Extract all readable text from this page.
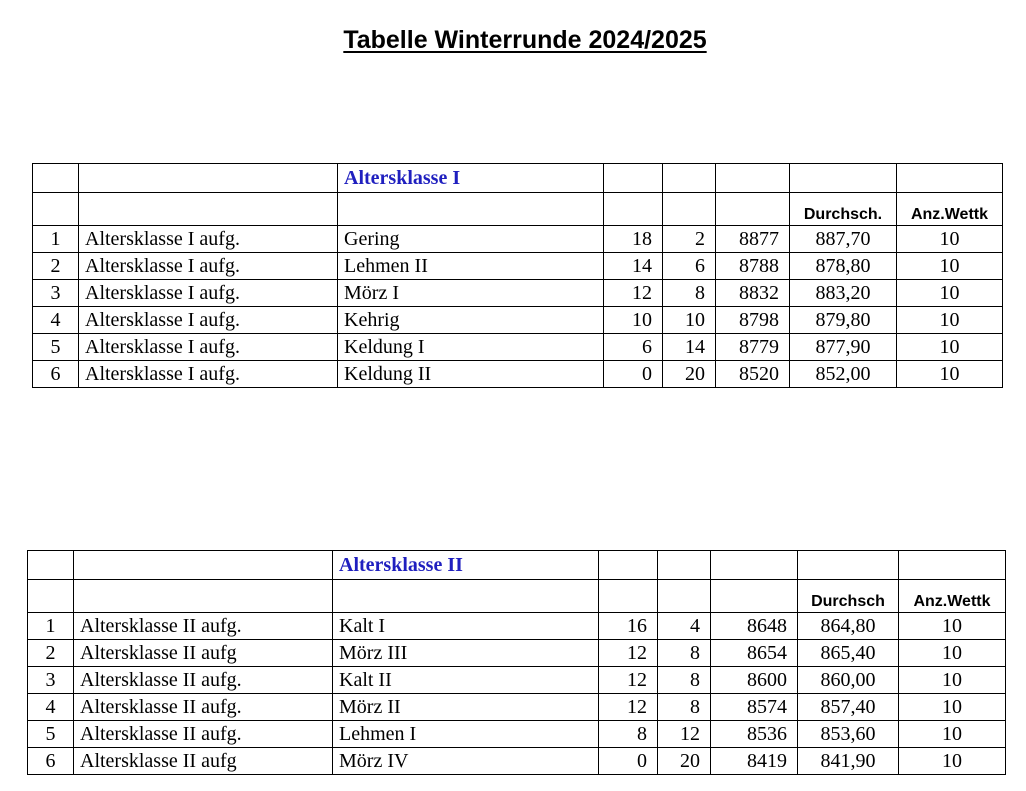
Tabelle Winterrunde 2024/2025
		Altersklasse I					
						Durchsch.	Anz.Wettk
1	Altersklasse I aufg.	Gering	18	2	8877	887,70	10
2	Altersklasse I aufg.	Lehmen II	14	6	8788	878,80	10
3	Altersklasse I aufg.	Mörz I	12	8	8832	883,20	10
4	Altersklasse I aufg.	Kehrig	10	10	8798	879,80	10
5	Altersklasse I aufg.	Keldung I	6	14	8779	877,90	10
6	Altersklasse I aufg.	Keldung II	0	20	8520	852,00	10
		Altersklasse II					
						Durchsch	Anz.Wettk
1	Altersklasse II aufg.	Kalt I	16	4	8648	864,80	10
2	Altersklasse II aufg	Mörz III	12	8	8654	865,40	10
3	Altersklasse II aufg.	Kalt II	12	8	8600	860,00	10
4	Altersklasse II aufg.	Mörz II	12	8	8574	857,40	10
5	Altersklasse II aufg.	Lehmen I	8	12	8536	853,60	10
6	Altersklasse II aufg	Mörz IV	0	20	8419	841,90	10
